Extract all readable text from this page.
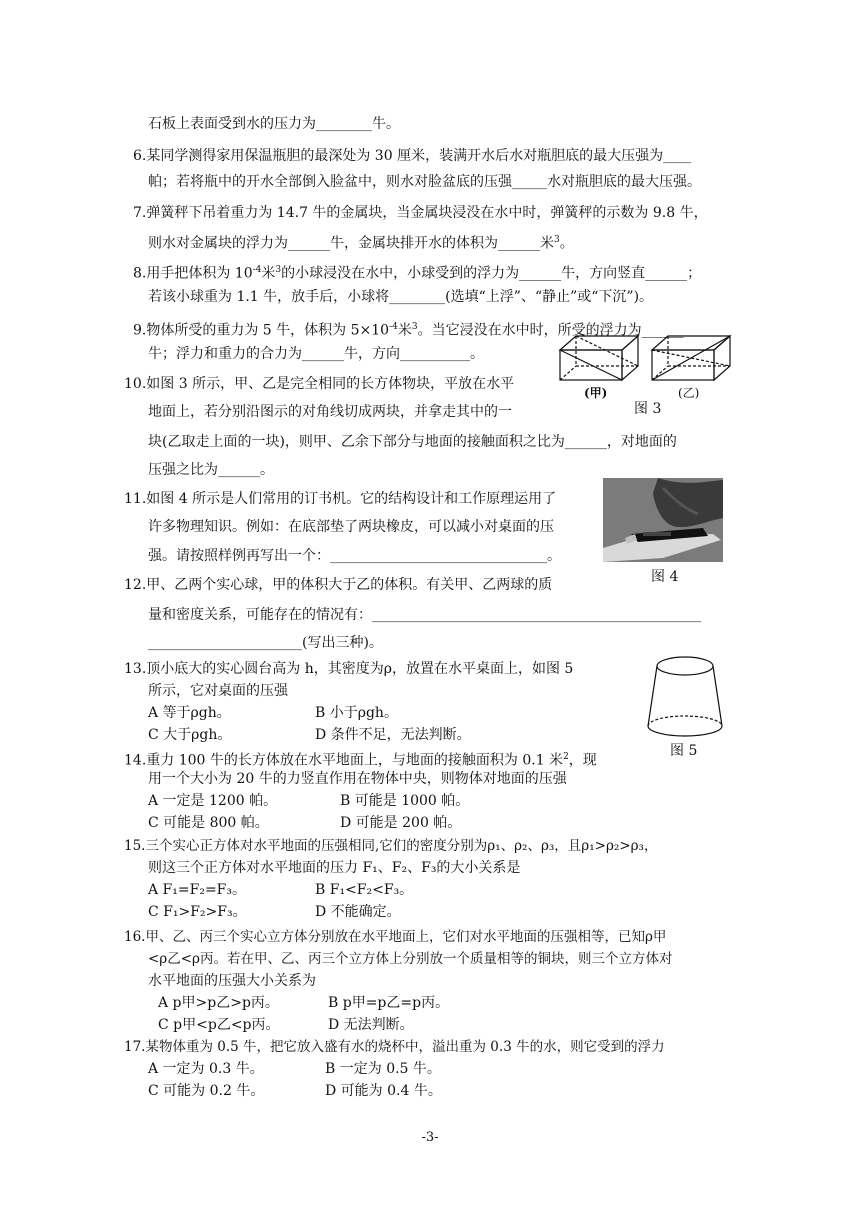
石板上表面受到水的压力为________牛。
6.某同学测得家用保温瓶胆的最深处为 30 厘米，装满开水后水对瓶胆底的最大压强为____
帕；若将瓶中的开水全部倒入脸盆中，则水对脸盆底的压强_____水对瓶胆底的最大压强。
7.弹簧秤下吊着重力为 14.7 牛的金属块，当金属块浸没在水中时，弹簧秤的示数为 9.8 牛，
则水对金属块的浮力为______牛，金属块排开水的体积为______米$^3$。
8.用手把体积为 $10^{-4}$米$^3$的小球浸没在水中，小球受到的浮力为______牛，方向竖直______；
若该小球重为 1.1 牛，放手后，小球将________(选填“上浮”、“静止”或“下沉”)。
9.物体所受的重力为 5 牛，体积为 $5\times 10^{-4}$米$^3$。当它浸没在水中时，所受的浮力为______
牛；浮力和重力的合力为______牛，方向__________。
10.如图 3 所示，甲、乙是完全相同的长方体物块，平放在水平
地面上，若分别沿图示的对角线切成两块，并拿走其中的一
块(乙取走上面的一块)，则甲、乙余下部分与地面的接触面积之比为______，对地面的
压强之比为______。
11.如图 4 所示是人们常用的订书机。它的结构设计和工作原理运用了
许多物理知识。例如：在底部垫了两块橡皮，可以减小对桌面的压
强。请按照样例再写出一个：_______________________________。
12.甲、乙两个实心球，甲的体积大于乙的体积。有关甲、乙两球的质
量和密度关系，可能存在的情况有：_______________________________________________
______________________(写出三种)。
13.顶小底大的实心圆台高为 h，其密度为ρ，放置在水平桌面上，如图 5
所示，它对桌面的压强
A 等于ρgh。	B 小于ρgh。
C 大于ρgh。	D 条件不足，无法判断。
14.重力 100 牛的长方体放在水平地面上，与地面的接触面积为 0.1 米$^2$，现
用一个大小为 20 牛的力竖直作用在物体中央，则物体对地面的压强
A 一定是 1200 帕。	B 可能是 1000 帕。
C 可能是 800 帕。	D 可能是 200 帕。
15.三个实心正方体对水平地面的压强相同,它们的密度分别为ρ₁、ρ₂、ρ₃，且ρ₁>ρ₂>ρ₃，
则这三个正方体对水平地面的压力 F₁、F₂、F₃的大小关系是
A F₁=F₂=F₃。	B F₁<F₂<F₃。
C F₁>F₂>F₃。	D 不能确定。
16.甲、乙、丙三个实心立方体分别放在水平地面上，它们对水平地面的压强相等，已知ρ甲
<ρ乙<ρ丙。若在甲、乙、丙三个立方体上分别放一个质量相等的铜块，则三个立方体对
水平地面的压强大小关系为
A p甲>p乙>p丙。	B p甲=p乙=p丙。
C p甲<p乙<p丙。	D 无法判断。
17.某物体重为 0.5 牛，把它放入盛有水的烧杯中，溢出重为 0.3 牛的水，则它受到的浮力
A 一定为 0.3 牛。	B 一定为 0.5 牛。
C 可能为 0.2 牛。	D 可能为 0.4 牛。
(甲)	(乙)
图 3
图 4
图 5
-3-
